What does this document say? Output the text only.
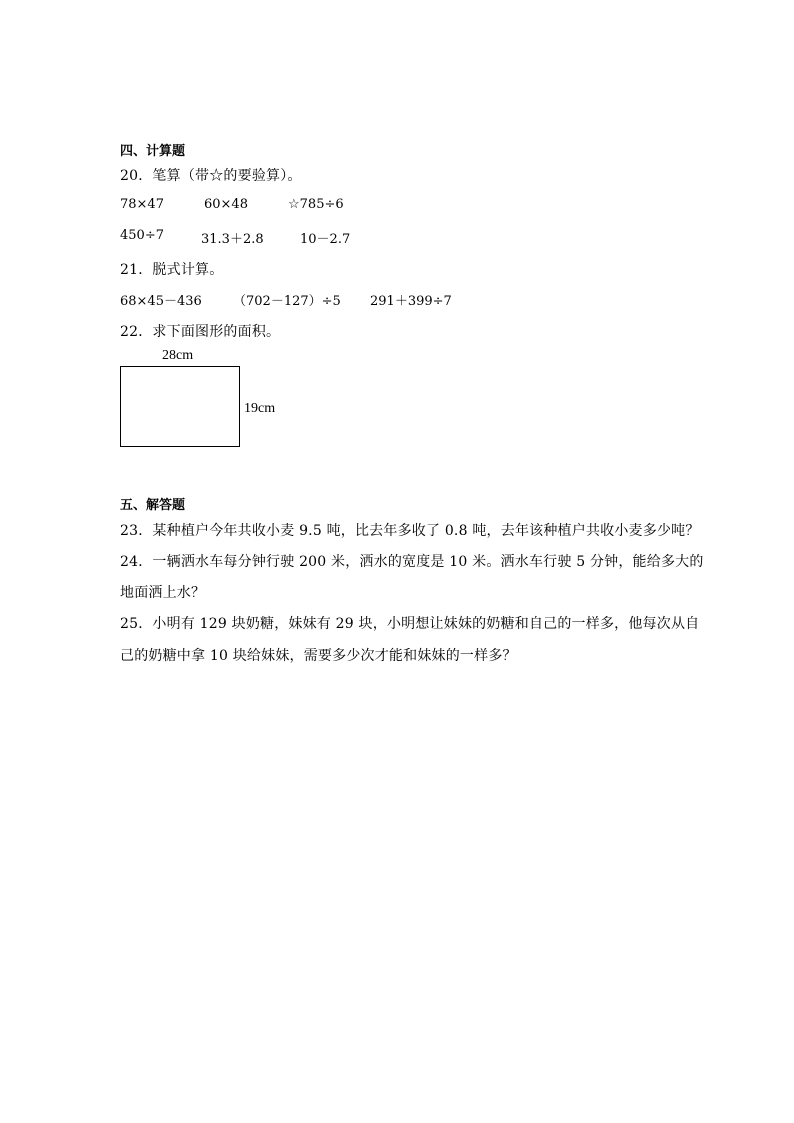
四、计算题
20．笔算（带☆的要验算）。
78×47	60×48	☆785÷6
450÷7	31.3＋2.8	10－2.7
21．脱式计算。
68×45－436 （702－127）÷5 291＋399÷7
22．求下面图形的面积。
28cm
19cm
五、解答题
23．某种植户今年共收小麦 9.5 吨，比去年多收了 0.8 吨，去年该种植户共收小麦多少吨？
24．一辆洒水车每分钟行驶 200 米，洒水的宽度是 10 米。洒水车行驶 5 分钟，能给多大的
地面洒上水？
25．小明有 129 块奶糖，妹妹有 29 块，小明想让妹妹的奶糖和自己的一样多，他每次从自
己的奶糖中拿 10 块给妹妹，需要多少次才能和妹妹的一样多？
